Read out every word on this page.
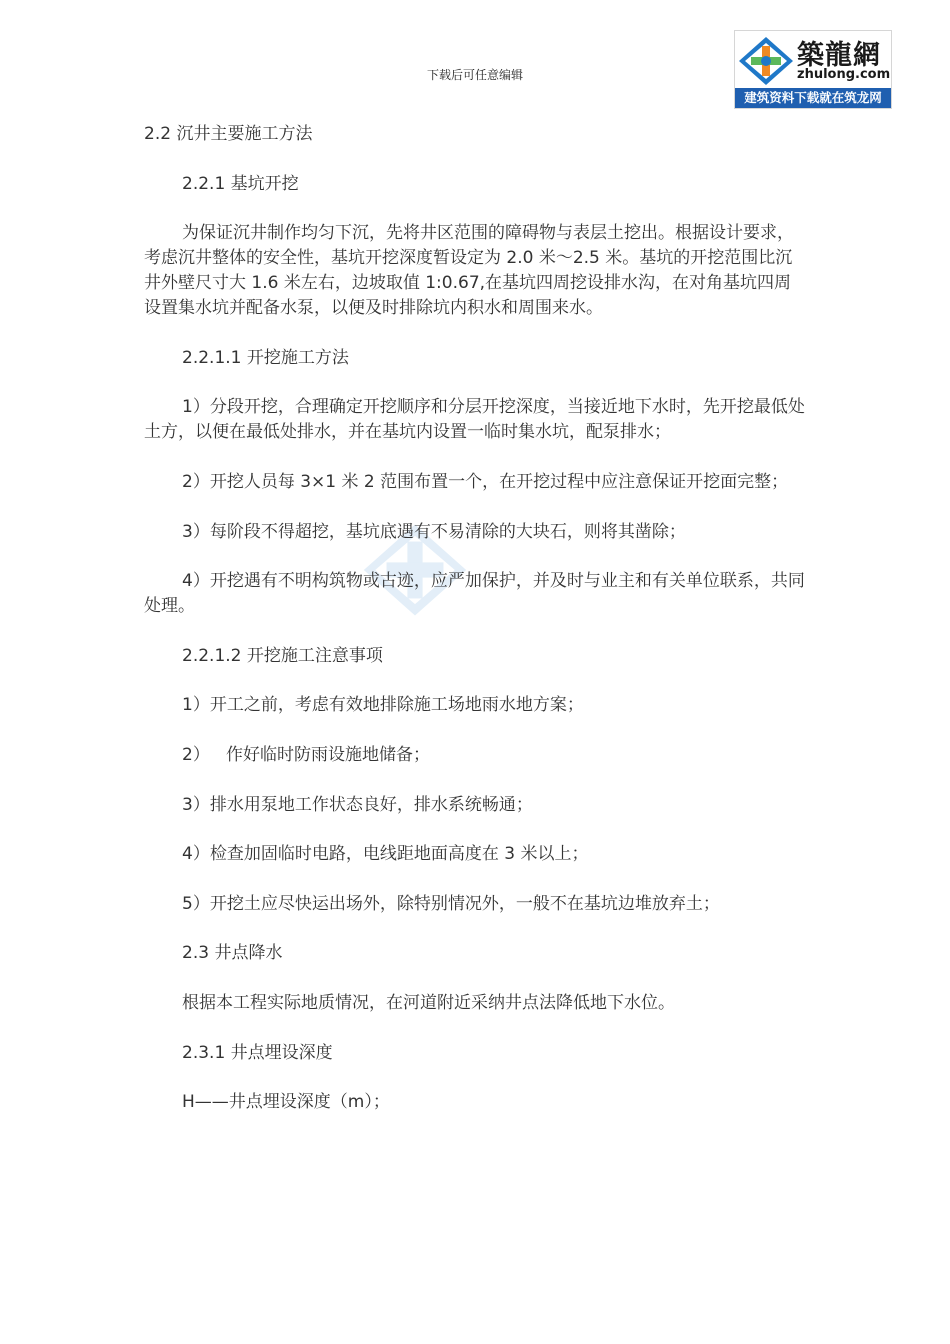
下载后可任意编辑
築龍網
zhulong.com
建筑资料下载就在筑龙网

2.2 沉井主要施工方法

2.2.1 基坑开挖

为保证沉井制作均匀下沉，先将井区范围的障碍物与表层土挖出。根据设计要求，考虑沉井整体的安全性，基坑开挖深度暂设定为 2.0 米～2.5 米。基坑的开挖范围比沉井外壁尺寸大 1.6 米左右，边坡取值 1:0.67,在基坑四周挖设排水沟，在对角基坑四周设置集水坑并配备水泵，以便及时排除坑内积水和周围来水。

2.2.1.1 开挖施工方法

1）分段开挖，合理确定开挖顺序和分层开挖深度，当接近地下水时，先开挖最低处土方，以便在最低处排水，并在基坑内设置一临时集水坑，配泵排水；

2）开挖人员每 3×1 米 2 范围布置一个，在开挖过程中应注意保证开挖面完整；

3）每阶段不得超挖，基坑底遇有不易清除的大块石，则将其凿除；

4）开挖遇有不明构筑物或古迹，应严加保护，并及时与业主和有关单位联系，共同处理。

2.2.1.2 开挖施工注意事项

1）开工之前，考虑有效地排除施工场地雨水地方案；

2）   作好临时防雨设施地储备；

3）排水用泵地工作状态良好，排水系统畅通；

4）检查加固临时电路，电线距地面高度在 3 米以上；

5）开挖土应尽快运出场外，除特别情况外，一般不在基坑边堆放弃土；

2.3 井点降水

根据本工程实际地质情况，在河道附近采纳井点法降低地下水位。

2.3.1 井点埋设深度

H——井点埋设深度（m）；
